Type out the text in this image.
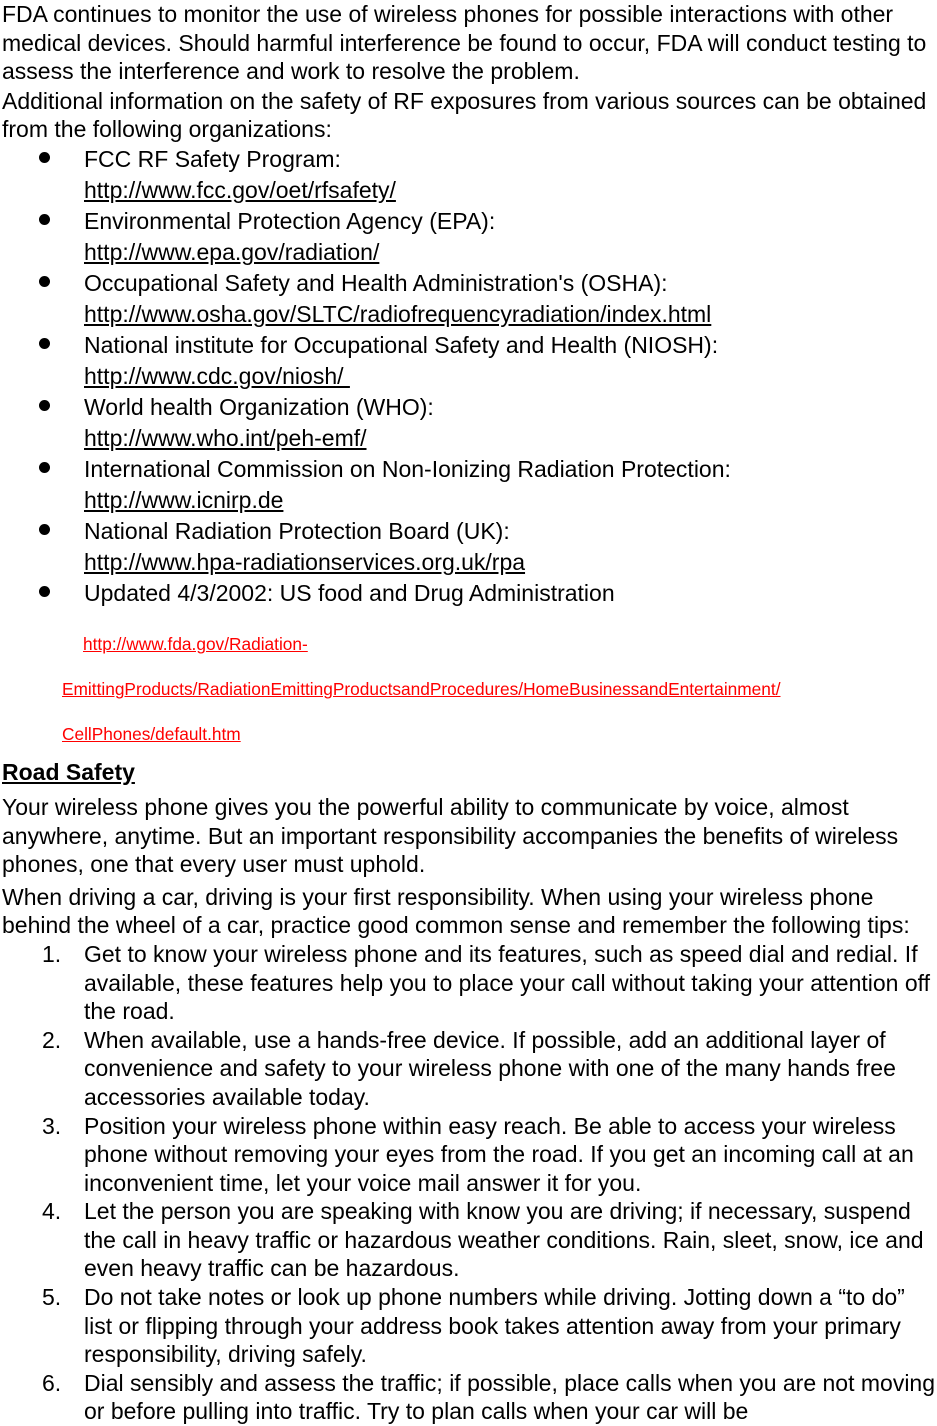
FDA continues to monitor the use of wireless phones for possible interactions with other medical devices. Should harmful interference be found to occur, FDA will conduct testing to assess the interference and work to resolve the problem.

Additional information on the safety of RF exposures from various sources can be obtained from the following organizations:

FCC RF Safety Program:
http://www.fcc.gov/oet/rfsafety/
Environmental Protection Agency (EPA):
http://www.epa.gov/radiation/
Occupational Safety and Health Administration's (OSHA):
http://www.osha.gov/SLTC/radiofrequencyradiation/index.html
National institute for Occupational Safety and Health (NIOSH):
http://www.cdc.gov/niosh/
World health Organization (WHO):
http://www.who.int/peh-emf/
International Commission on Non-Ionizing Radiation Protection:
http://www.icnirp.de
National Radiation Protection Board (UK):
http://www.hpa-radiationservices.org.uk/rpa
Updated 4/3/2002: US food and Drug Administration

http://www.fda.gov/Radiation-

EmittingProducts/RadiationEmittingProductsandProcedures/HomeBusinessandEntertainment/

CellPhones/default.htm

Road Safety

Your wireless phone gives you the powerful ability to communicate by voice, almost anywhere, anytime. But an important responsibility accompanies the benefits of wireless phones, one that every user must uphold.

When driving a car, driving is your first responsibility. When using your wireless phone behind the wheel of a car, practice good common sense and remember the following tips:

1. Get to know your wireless phone and its features, such as speed dial and redial. If available, these features help you to place your call without taking your attention off the road.
2. When available, use a hands-free device. If possible, add an additional layer of convenience and safety to your wireless phone with one of the many hands free accessories available today.
3. Position your wireless phone within easy reach. Be able to access your wireless phone without removing your eyes from the road. If you get an incoming call at an inconvenient time, let your voice mail answer it for you.
4. Let the person you are speaking with know you are driving; if necessary, suspend the call in heavy traffic or hazardous weather conditions. Rain, sleet, snow, ice and even heavy traffic can be hazardous.
5. Do not take notes or look up phone numbers while driving. Jotting down a “to do” list or flipping through your address book takes attention away from your primary responsibility, driving safely.
6. Dial sensibly and assess the traffic; if possible, place calls when you are not moving or before pulling into traffic. Try to plan calls when your car will be
